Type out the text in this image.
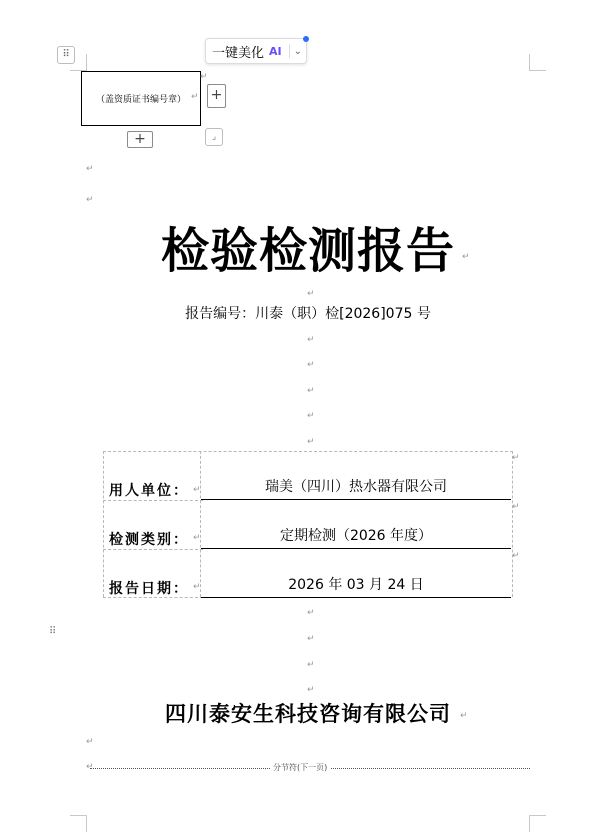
⠿	一键美化 AI ⌄
（盖资质证书编号章） ↵
↵
+
+	⌟
↵
↵
检验检测报告 ↵
↵
报告编号：川泰（职）检[2026]075 号
↵
↵
↵
↵
↵
用人单位： ↵	瑞美（四川）热水器有限公司
↵
检测类别： ↵	定期检测（2026 年度）
↵
报告日期： ↵	2026 年 03 月 24 日
↵
⠿
↵
↵
↵
↵
四川泰安生科技咨询有限公司	↵
↵
↵	分节符(下一页)
